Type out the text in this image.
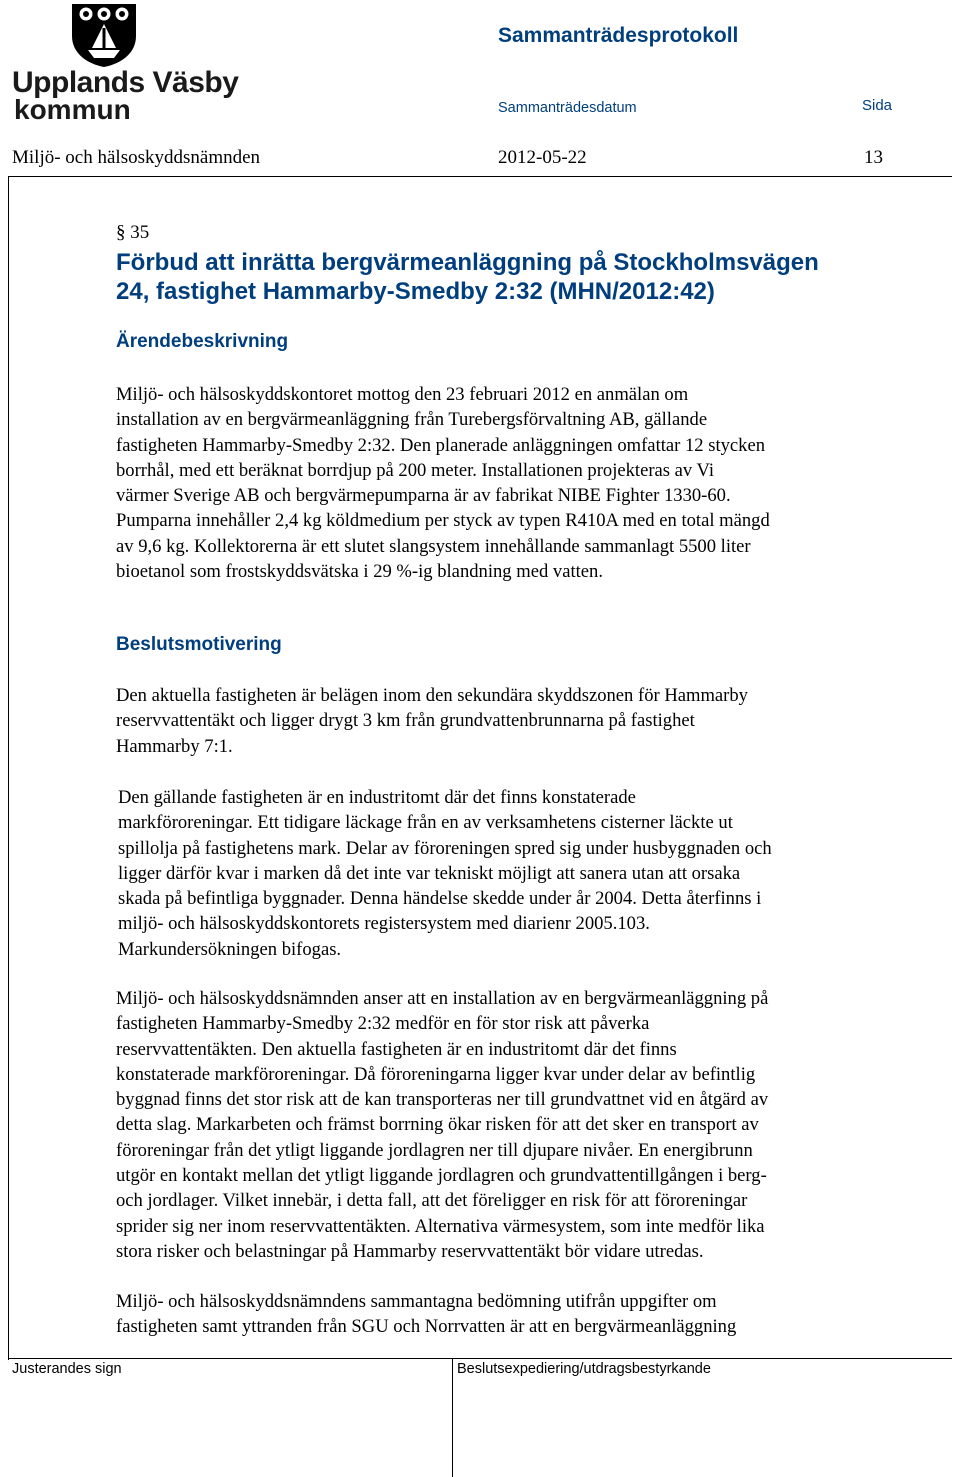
Upplands Väsby
kommun
Sammanträdesprotokoll
Sammanträdesdatum	Sida
Miljö- och hälsoskyddsnämnden	2012-05-22	13
§ 35
Förbud att inrätta bergvärmeanläggning på Stockholmsvägen
24, fastighet Hammarby-Smedby 2:32 (MHN/2012:42)
Ärendebeskrivning
Miljö- och hälsoskyddskontoret mottog den 23 februari 2012 en anmälan om
installation av en bergvärmeanläggning från Turebergsförvaltning AB, gällande
fastigheten Hammarby-Smedby 2:32. Den planerade anläggningen omfattar 12 stycken
borrhål, med ett beräknat borrdjup på 200 meter. Installationen projekteras av Vi
värmer Sverige AB och bergvärmepumparna är av fabrikat NIBE Fighter 1330-60.
Pumparna innehåller 2,4 kg köldmedium per styck av typen R410A med en total mängd
av 9,6 kg. Kollektorerna är ett slutet slangsystem innehållande sammanlagt 5500 liter
bioetanol som frostskyddsvätska i 29 %-ig blandning med vatten.
Beslutsmotivering
Den aktuella fastigheten är belägen inom den sekundära skyddszonen för Hammarby
reservvattentäkt och ligger drygt 3 km från grundvattenbrunnarna på fastighet
Hammarby 7:1.
Den gällande fastigheten är en industritomt där det finns konstaterade
markföroreningar. Ett tidigare läckage från en av verksamhetens cisterner läckte ut
spillolja på fastighetens mark. Delar av föroreningen spred sig under husbyggnaden och
ligger därför kvar i marken då det inte var tekniskt möjligt att sanera utan att orsaka
skada på befintliga byggnader. Denna händelse skedde under år 2004. Detta återfinns i
miljö- och hälsoskyddskontorets registersystem med diarienr 2005.103.
Markundersökningen bifogas.
Miljö- och hälsoskyddsnämnden anser att en installation av en bergvärmeanläggning på
fastigheten Hammarby-Smedby 2:32 medför en för stor risk att påverka
reservvattentäkten. Den aktuella fastigheten är en industritomt där det finns
konstaterade markföroreningar. Då föroreningarna ligger kvar under delar av befintlig
byggnad finns det stor risk att de kan transporteras ner till grundvattnet vid en åtgärd av
detta slag. Markarbeten och främst borrning ökar risken för att det sker en transport av
föroreningar från det ytligt liggande jordlagren ner till djupare nivåer. En energibrunn
utgör en kontakt mellan det ytligt liggande jordlagren och grundvattentillgången i berg-
och jordlager. Vilket innebär, i detta fall, att det föreligger en risk för att föroreningar
sprider sig ner inom reservvattentäkten. Alternativa värmesystem, som inte medför lika
stora risker och belastningar på Hammarby reservvattentäkt bör vidare utredas.
Miljö- och hälsoskyddsnämndens sammantagna bedömning utifrån uppgifter om
fastigheten samt yttranden från SGU och Norrvatten är att en bergvärmeanläggning
Justerandes sign	Beslutsexpediering/utdragsbestyrkande
